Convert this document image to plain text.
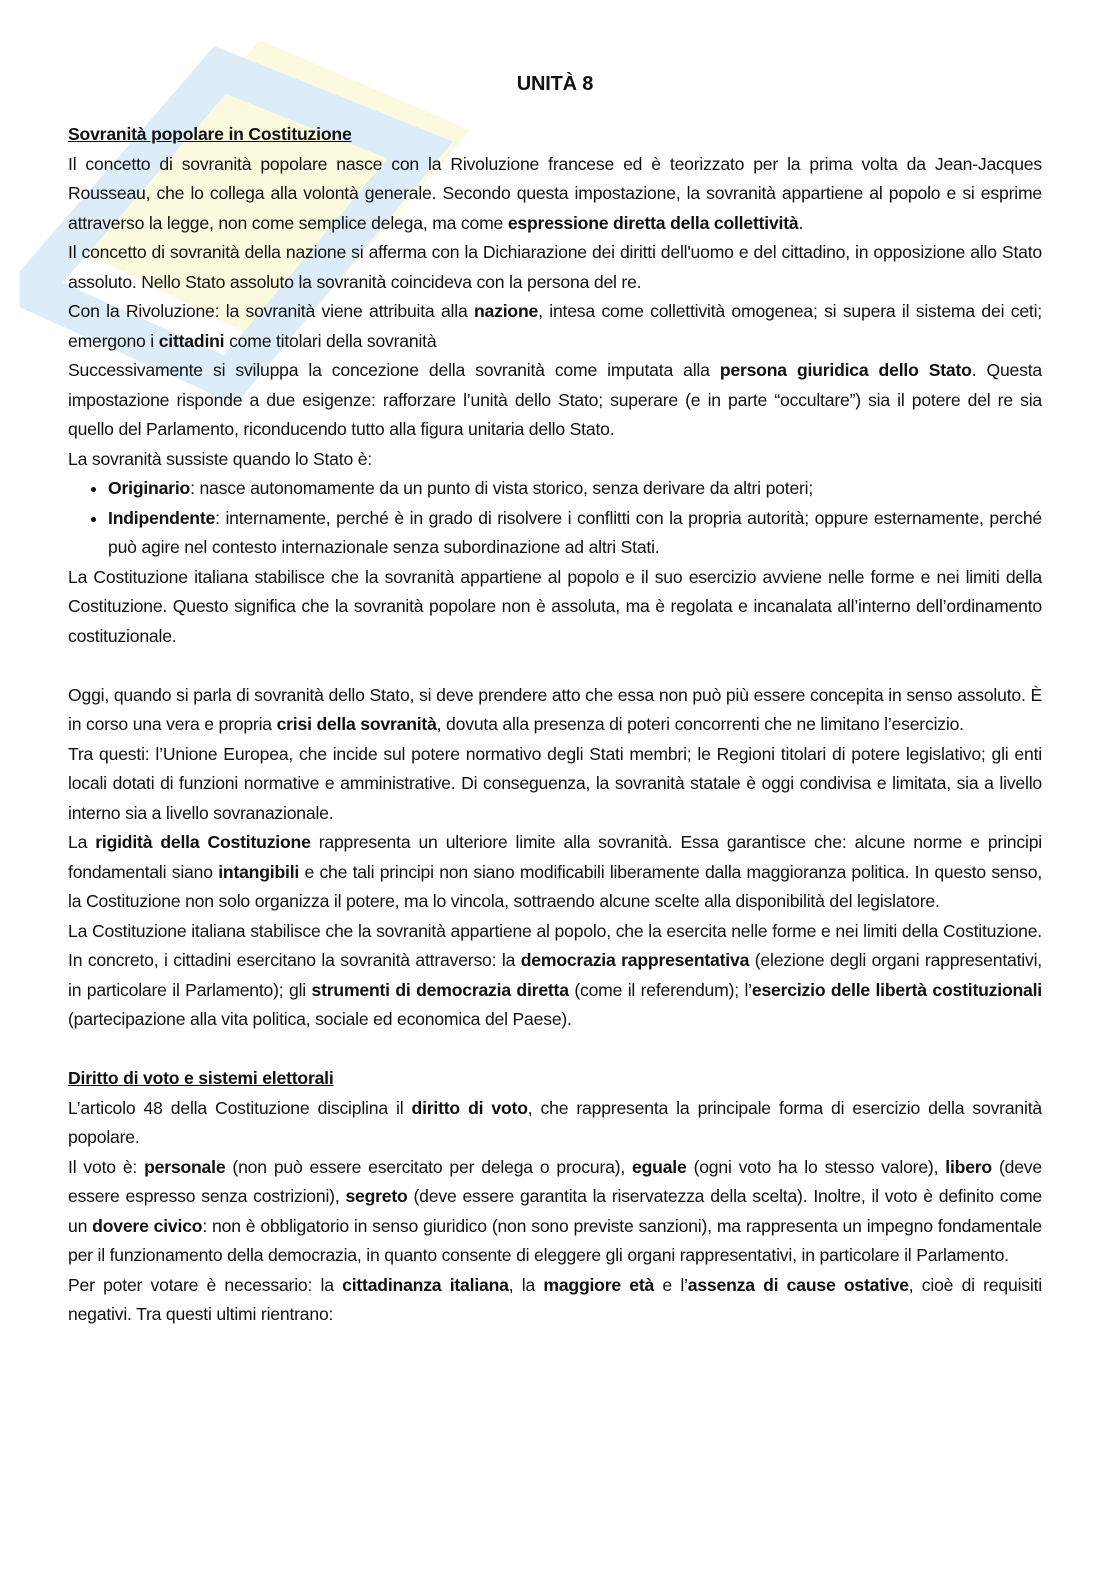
UNITÀ 8
Sovranità popolare in Costituzione

Il concetto di sovranità popolare nasce con la Rivoluzione francese ed è teorizzato per la prima volta da Jean-Jacques Rousseau, che lo collega alla volontà generale. Secondo questa impostazione, la sovranità appartiene al popolo e si esprime attraverso la legge, non come semplice delega, ma come espressione diretta della collettività.

Il concetto di sovranità della nazione si afferma con la Dichiarazione dei diritti dell'uomo e del cittadino, in opposizione allo Stato assoluto. Nello Stato assoluto la sovranità coincideva con la persona del re.

Con la Rivoluzione: la sovranità viene attribuita alla nazione, intesa come collettività omogenea; si supera il sistema dei ceti; emergono i cittadini come titolari della sovranità

Successivamente si sviluppa la concezione della sovranità come imputata alla persona giuridica dello Stato. Questa impostazione risponde a due esigenze: rafforzare l’unità dello Stato; superare (e in parte “occultare”) sia il potere del re sia quello del Parlamento, riconducendo tutto alla figura unitaria dello Stato.

La sovranità sussiste quando lo Stato è:

• Originario: nasce autonomamente da un punto di vista storico, senza derivare da altri poteri;
• Indipendente: internamente, perché è in grado di risolvere i conflitti con la propria autorità; oppure esternamente, perché può agire nel contesto internazionale senza subordinazione ad altri Stati.

La Costituzione italiana stabilisce che la sovranità appartiene al popolo e il suo esercizio avviene nelle forme e nei limiti della Costituzione. Questo significa che la sovranità popolare non è assoluta, ma è regolata e incanalata all’interno dell’ordinamento costituzionale.

Oggi, quando si parla di sovranità dello Stato, si deve prendere atto che essa non può più essere concepita in senso assoluto. È in corso una vera e propria crisi della sovranità, dovuta alla presenza di poteri concorrenti che ne limitano l’esercizio.

Tra questi: l’Unione Europea, che incide sul potere normativo degli Stati membri; le Regioni titolari di potere legislativo; gli enti locali dotati di funzioni normative e amministrative. Di conseguenza, la sovranità statale è oggi condivisa e limitata, sia a livello interno sia a livello sovranazionale.

La rigidità della Costituzione rappresenta un ulteriore limite alla sovranità. Essa garantisce che: alcune norme e principi fondamentali siano intangibili e che tali principi non siano modificabili liberamente dalla maggioranza politica. In questo senso, la Costituzione non solo organizza il potere, ma lo vincola, sottraendo alcune scelte alla disponibilità del legislatore.

La Costituzione italiana stabilisce che la sovranità appartiene al popolo, che la esercita nelle forme e nei limiti della Costituzione. In concreto, i cittadini esercitano la sovranità attraverso: la democrazia rappresentativa (elezione degli organi rappresentativi, in particolare il Parlamento); gli strumenti di democrazia diretta (come il referendum); l’esercizio delle libertà costituzionali (partecipazione alla vita politica, sociale ed economica del Paese).

Diritto di voto e sistemi elettorali

L’articolo 48 della Costituzione disciplina il diritto di voto, che rappresenta la principale forma di esercizio della sovranità popolare.

Il voto è: personale (non può essere esercitato per delega o procura), eguale (ogni voto ha lo stesso valore), libero (deve essere espresso senza costrizioni), segreto (deve essere garantita la riservatezza della scelta). Inoltre, il voto è definito come un dovere civico: non è obbligatorio in senso giuridico (non sono previste sanzioni), ma rappresenta un impegno fondamentale per il funzionamento della democrazia, in quanto consente di eleggere gli organi rappresentativi, in particolare il Parlamento.

Per poter votare è necessario: la cittadinanza italiana, la maggiore età e l’assenza di cause ostative, cioè di requisiti negativi. Tra questi ultimi rientrano:
